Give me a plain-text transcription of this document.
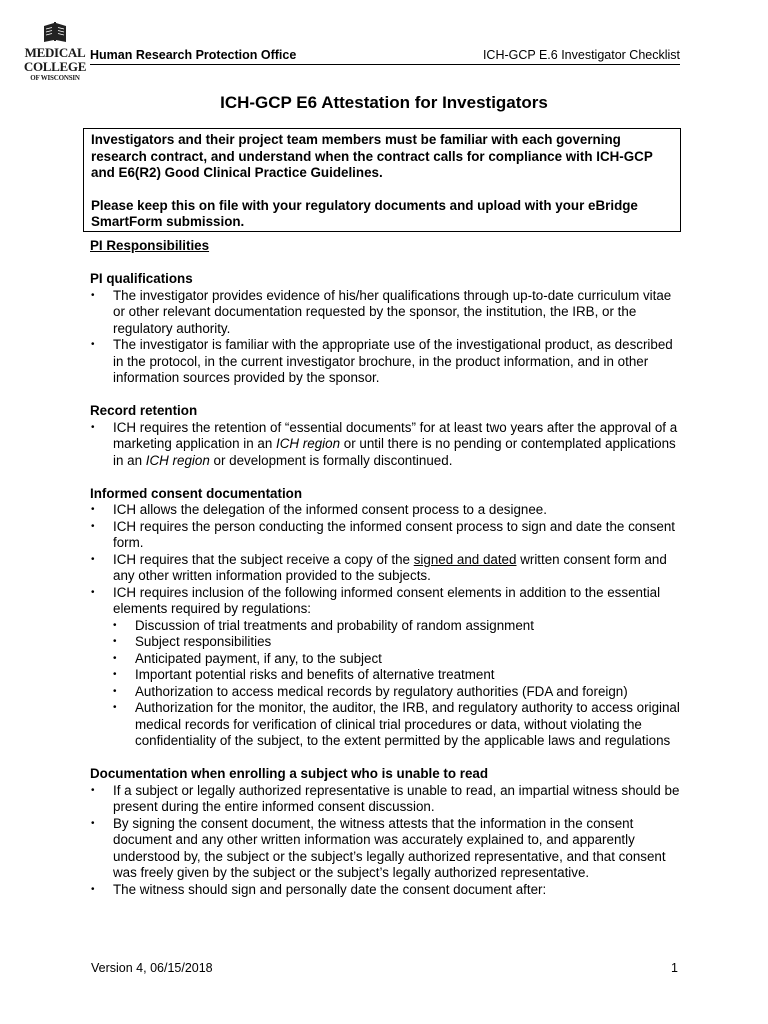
MEDICAL
COLLEGE
OF WISCONSIN
Human Research Protection Office	ICH-GCP E.6 Investigator Checklist
ICH-GCP E6 Attestation for Investigators

Investigators and their project team members must be familiar with each governing research contract, and understand when the contract calls for compliance with ICH-GCP and E6(R2) Good Clinical Practice Guidelines.

Please keep this on file with your regulatory documents and upload with your eBridge SmartForm submission.

PI Responsibilities
PI qualifications
• The investigator provides evidence of his/her qualifications through up-to-date curriculum vitae or other relevant documentation requested by the sponsor, the institution, the IRB, or the regulatory authority.
• The investigator is familiar with the appropriate use of the investigational product, as described in the protocol, in the current investigator brochure, in the product information, and in other information sources provided by the sponsor.
Record retention
• ICH requires the retention of “essential documents” for at least two years after the approval of a marketing application in an ICH region or until there is no pending or contemplated applications in an ICH region or development is formally discontinued.
Informed consent documentation
• ICH allows the delegation of the informed consent process to a designee.
• ICH requires the person conducting the informed consent process to sign and date the consent form.
• ICH requires that the subject receive a copy of the signed and dated written consent form and any other written information provided to the subjects.
• ICH requires inclusion of the following informed consent elements in addition to the essential elements required by regulations:
• Discussion of trial treatments and probability of random assignment
• Subject responsibilities
• Anticipated payment, if any, to the subject
• Important potential risks and benefits of alternative treatment
• Authorization to access medical records by regulatory authorities (FDA and foreign)
• Authorization for the monitor, the auditor, the IRB, and regulatory authority to access original medical records for verification of clinical trial procedures or data, without violating the confidentiality of the subject, to the extent permitted by the applicable laws and regulations
Documentation when enrolling a subject who is unable to read
• If a subject or legally authorized representative is unable to read, an impartial witness should be present during the entire informed consent discussion.
• By signing the consent document, the witness attests that the information in the consent document and any other written information was accurately explained to, and apparently understood by, the subject or the subject’s legally authorized representative, and that consent was freely given by the subject or the subject’s legally authorized representative.
• The witness should sign and personally date the consent document after:
Version 4, 06/15/2018	1
